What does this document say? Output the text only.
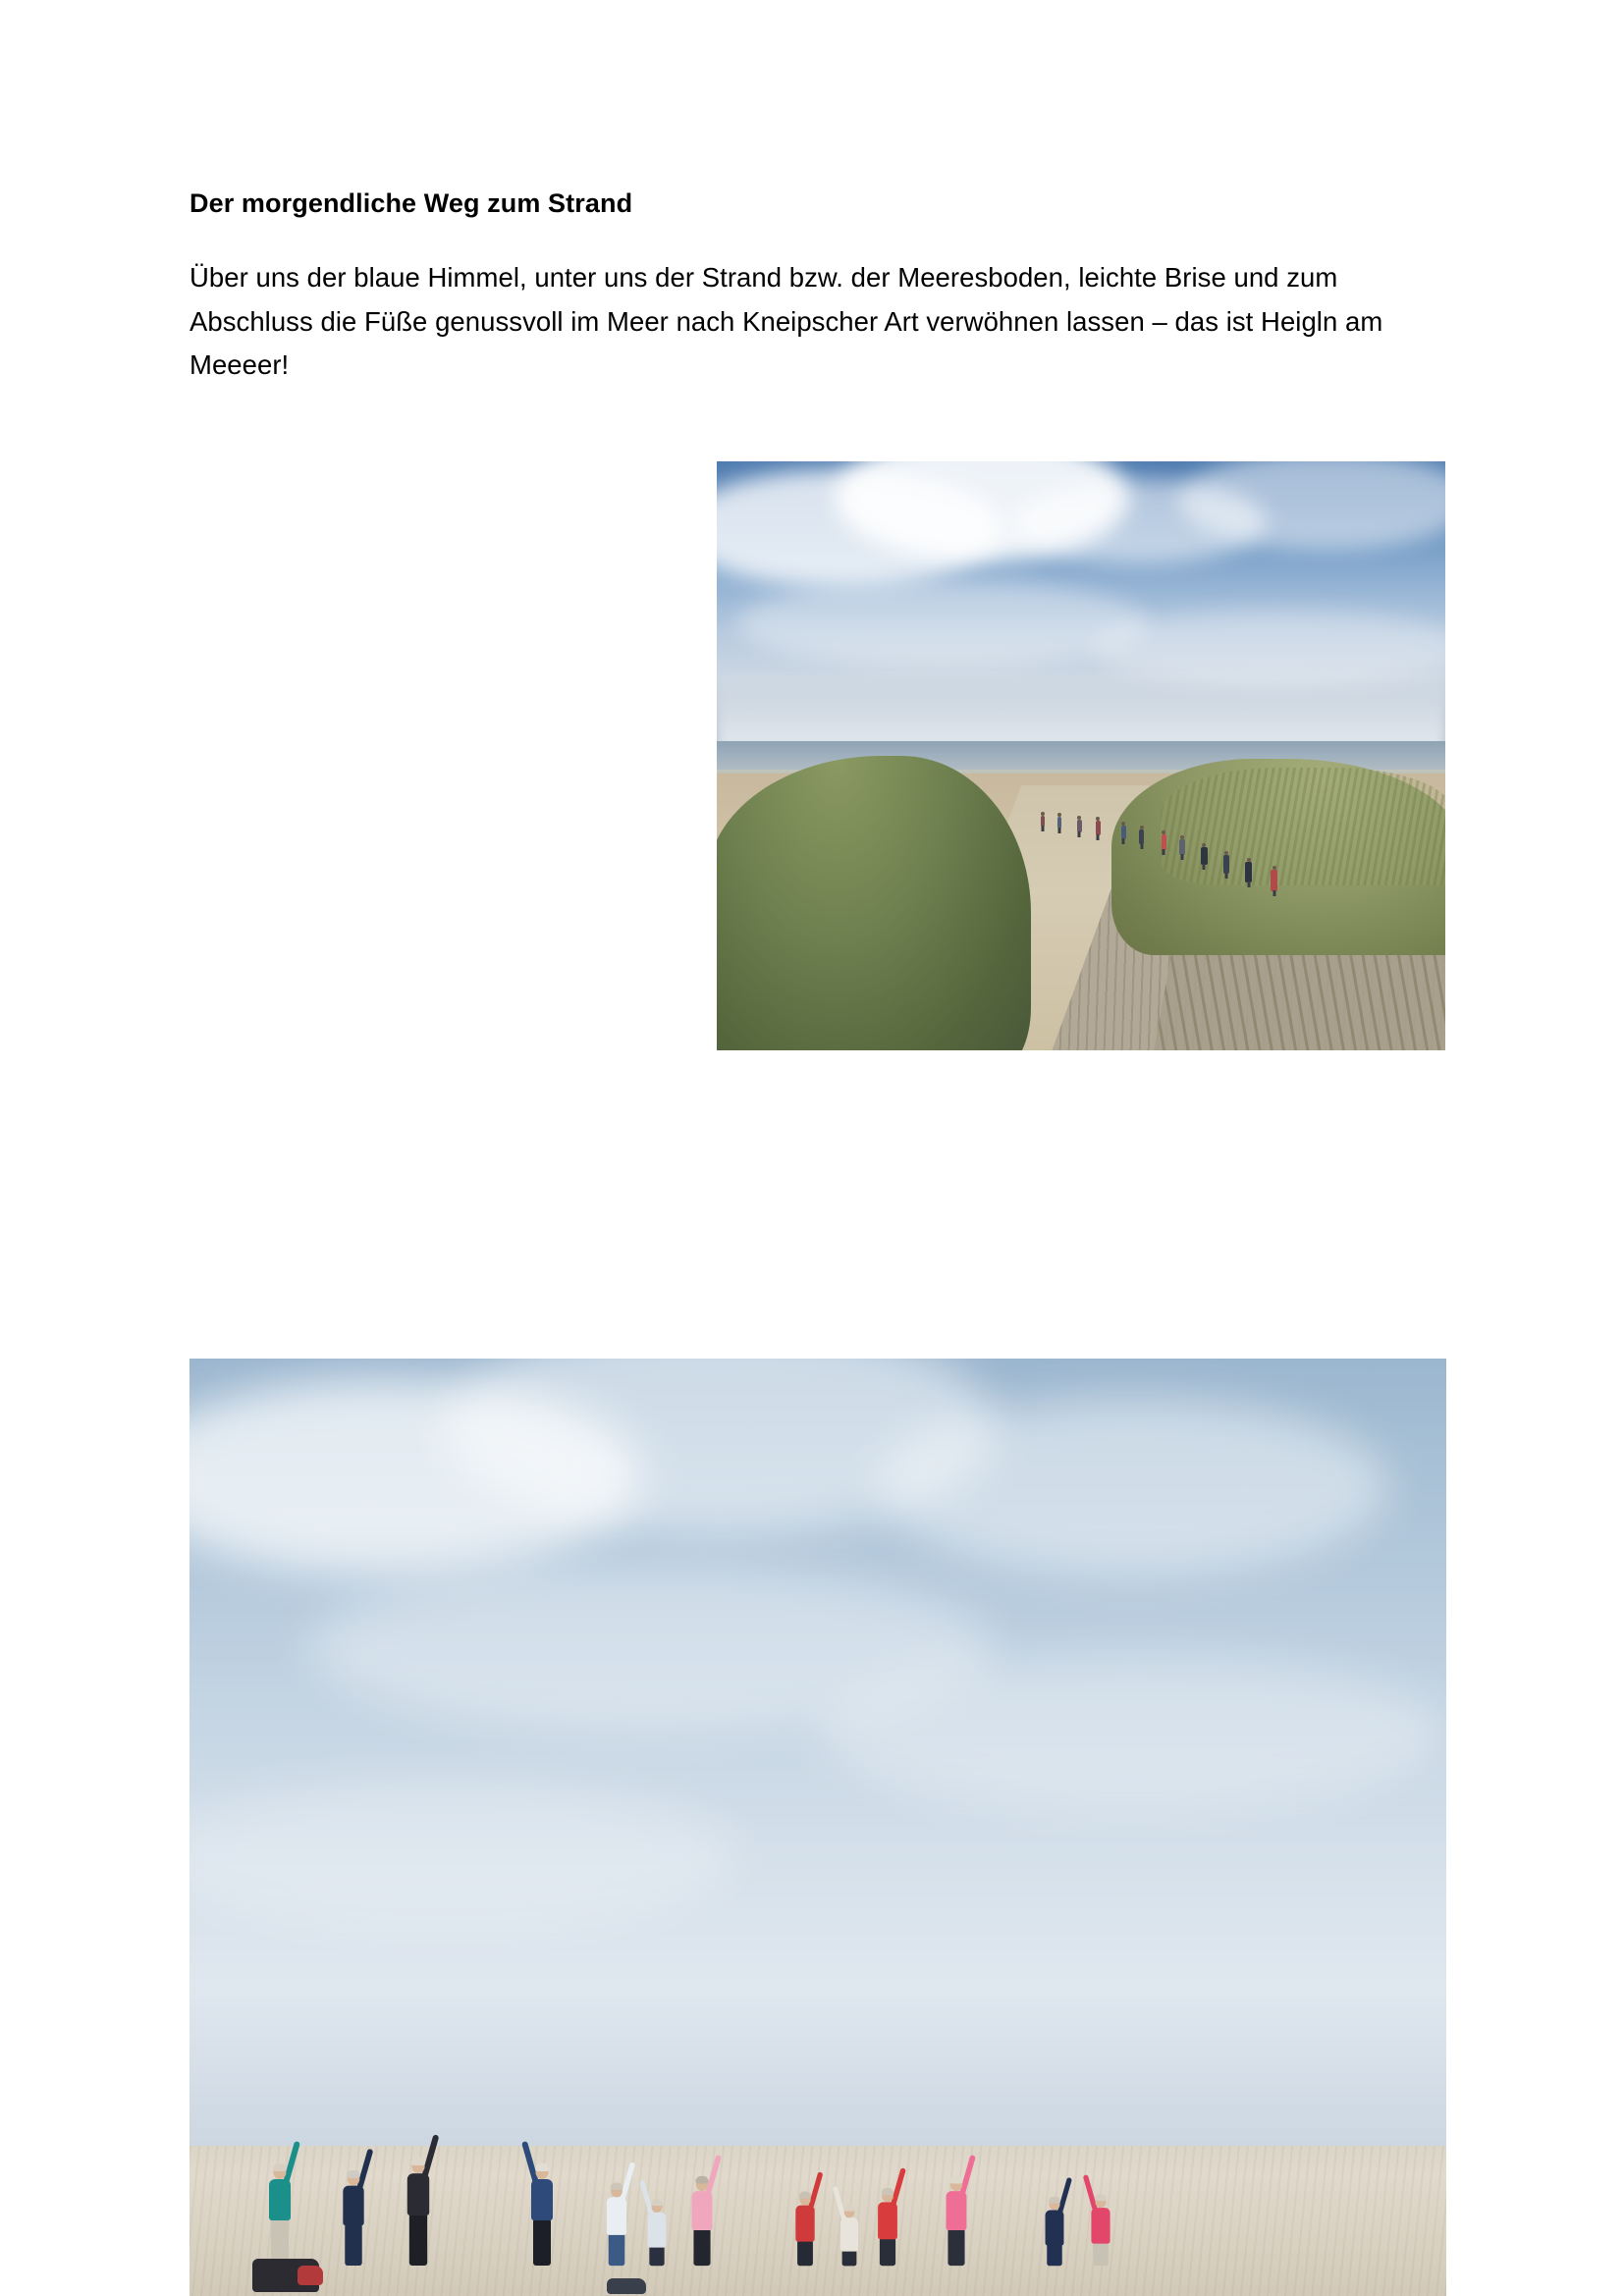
Der morgendliche Weg zum Strand

Über uns der blaue Himmel, unter uns der Strand bzw. der Meeresboden, leichte Brise und zum Abschluss die Füße genussvoll im Meer nach Kneipscher Art verwöhnen lassen – das ist Heigln am Meeeer!
